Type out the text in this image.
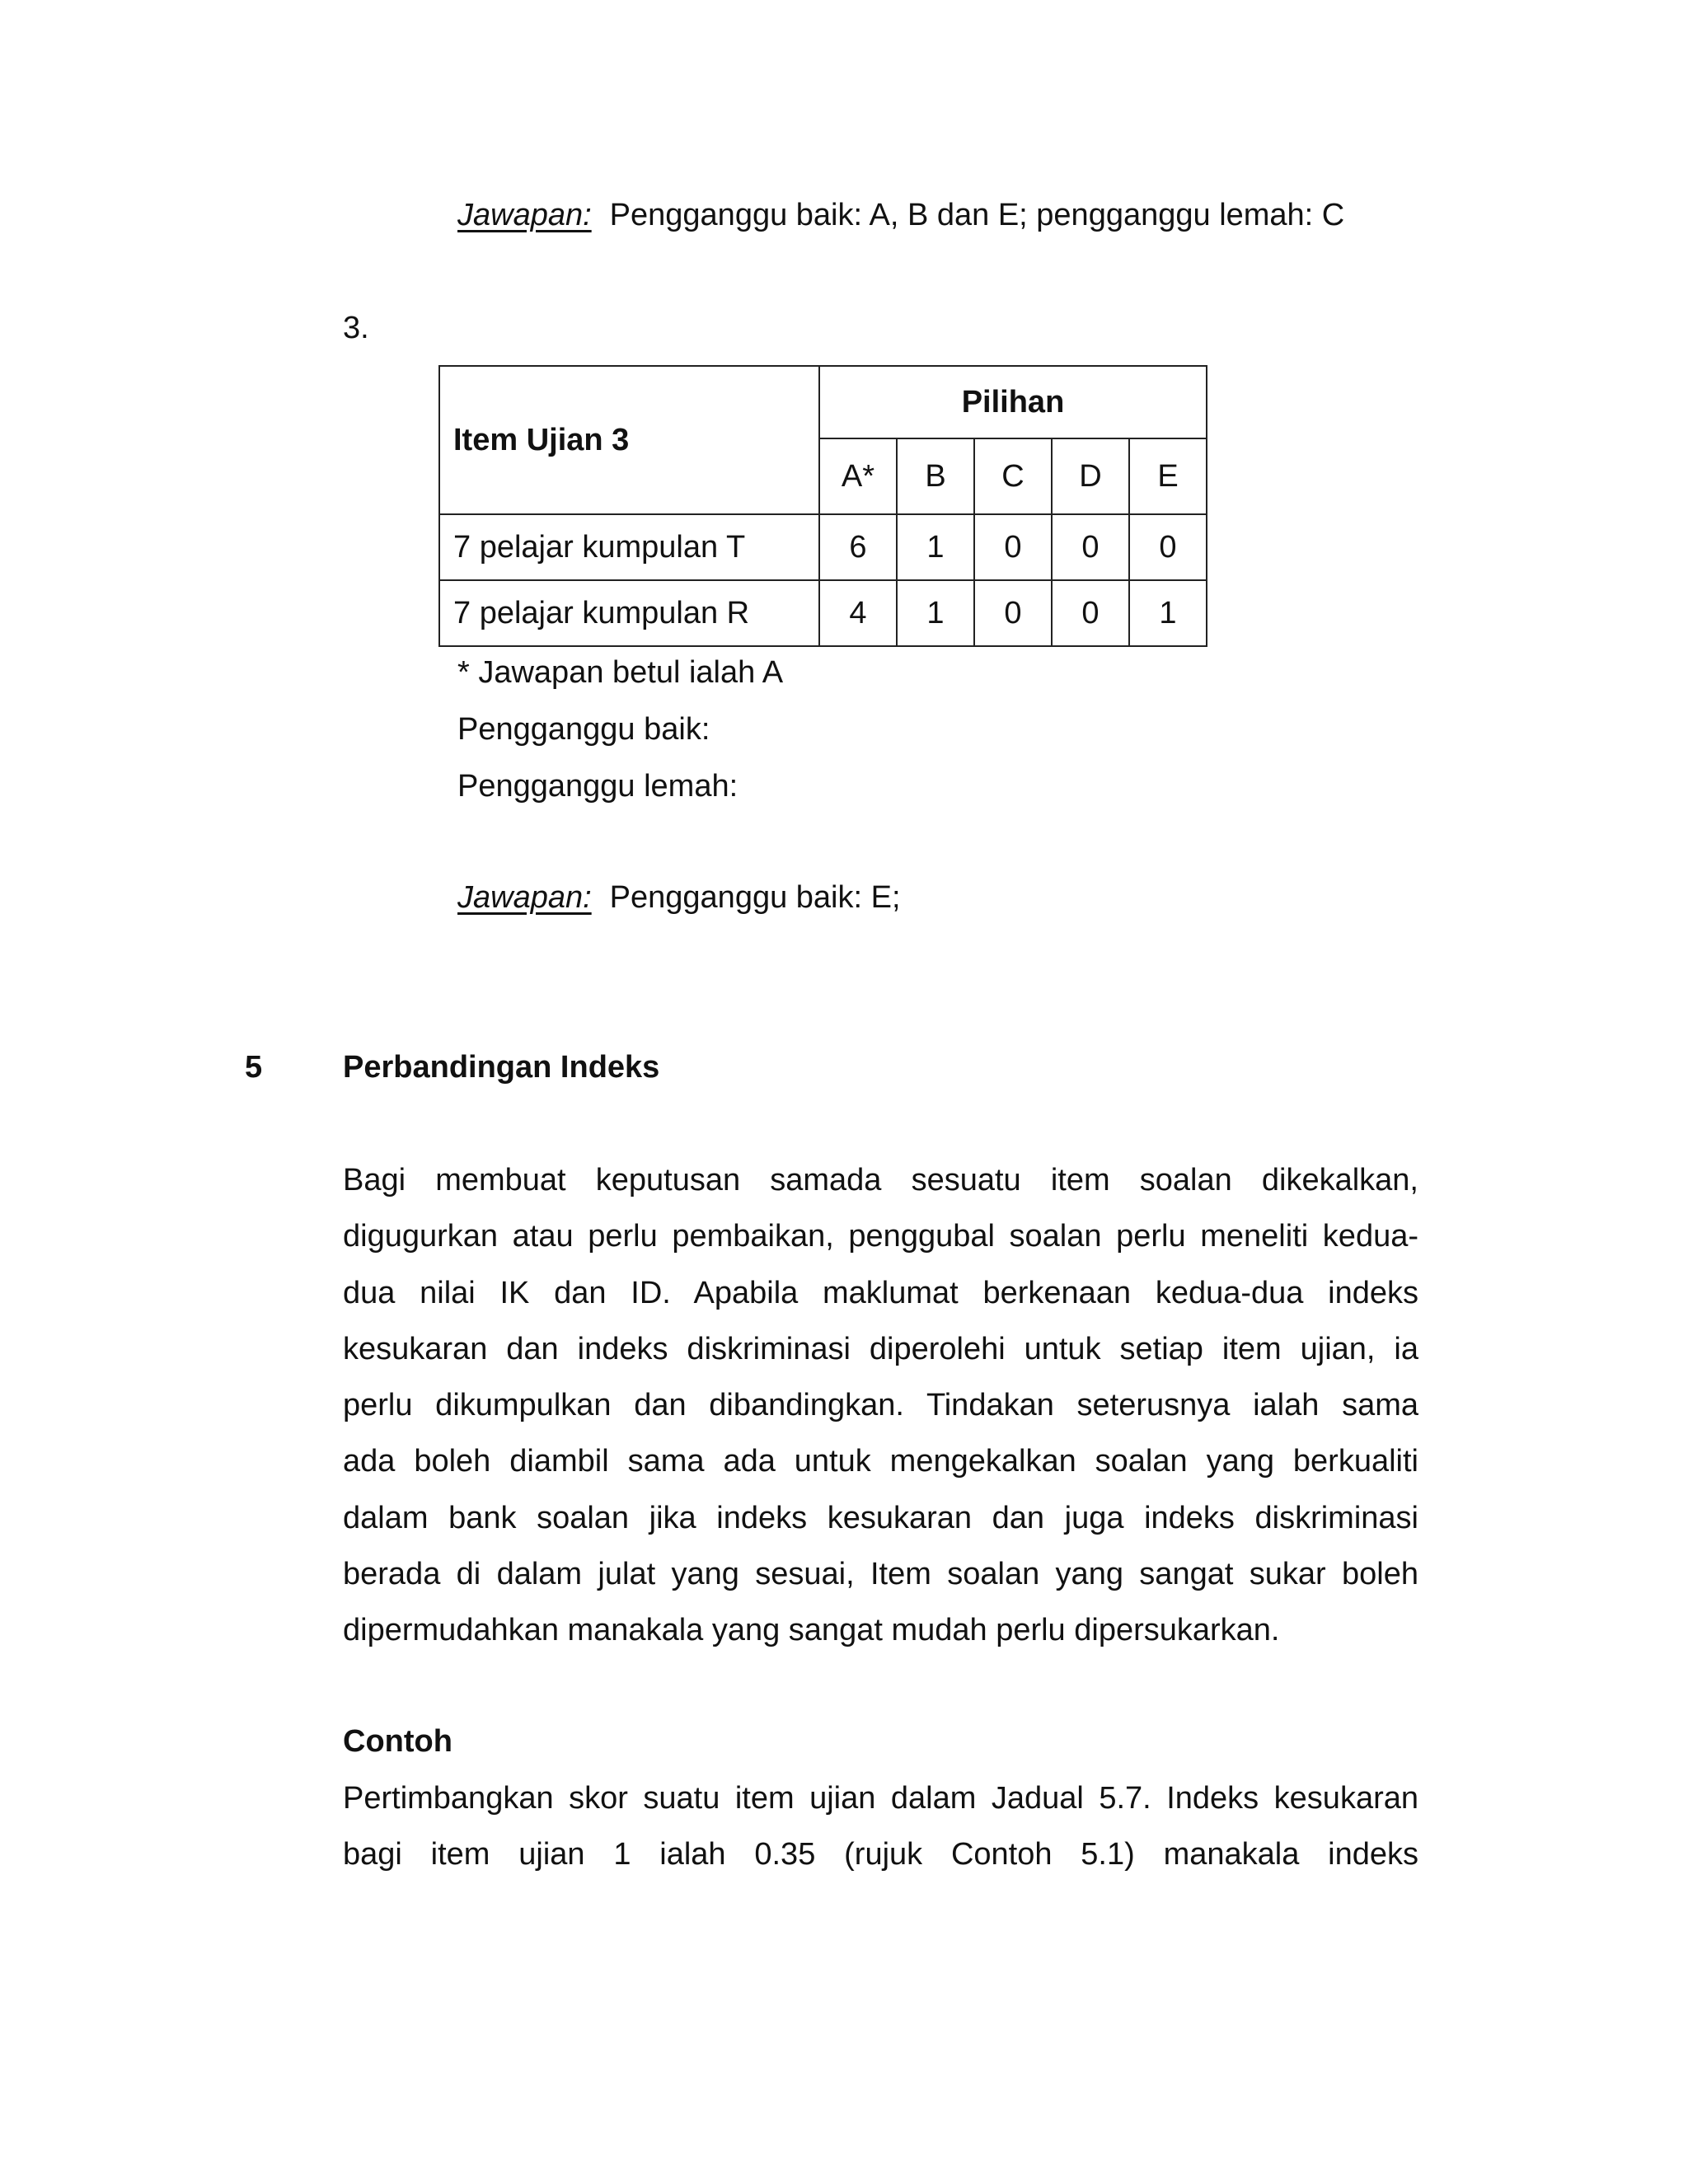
Jawapan: Pengganggu baik: A, B dan E; pengganggu lemah: C
3.
Item Ujian 3	Pilihan				
	A*	B	C	D	E
7 pelajar kumpulan T	6	1	0	0	0
7 pelajar kumpulan R	4	1	0	0	1
* Jawapan betul ialah A
Pengganggu baik:
Pengganggu lemah:
Jawapan: Pengganggu baik: E;
5	Perbandingan Indeks
Bagi membuat keputusan samada sesuatu item soalan dikekalkan,
digugurkan atau perlu pembaikan, penggubal soalan perlu meneliti kedua-
dua nilai IK dan ID. Apabila maklumat berkenaan kedua-dua indeks
kesukaran dan indeks diskriminasi diperolehi untuk setiap item ujian, ia
perlu dikumpulkan dan dibandingkan. Tindakan seterusnya ialah sama
ada boleh diambil sama ada untuk mengekalkan soalan yang berkualiti
dalam bank soalan jika indeks kesukaran dan juga indeks diskriminasi
berada di dalam julat yang sesuai, Item soalan yang sangat sukar boleh
dipermudahkan manakala yang sangat mudah perlu dipersukarkan.
Contoh
Pertimbangkan skor suatu item ujian dalam Jadual 5.7. Indeks kesukaran
bagi item ujian 1 ialah 0.35 (rujuk Contoh 5.1) manakala indeks
